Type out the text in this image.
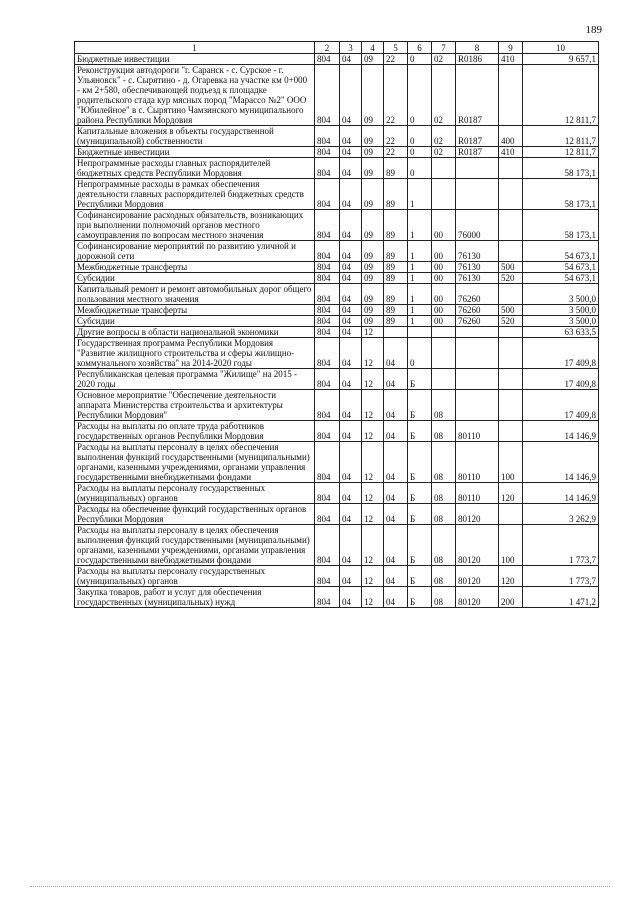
189
1	2	3	4	5	6	7	8	9	10
Бюджетные инвестиции	804	04	09	22	0	02	R0186	410	9 657,1
Реконструкция автодороги "г. Саранск - с. Сурское - г. Ульяновск" - с. Сырятино - д. Огаревка на участке км 0+000 - км 2+580, обеспечивающей подъезд к площадке родительского стада кур мясных пород "Марассо №2" ООО "Юбилейное" в с. Сырятино Чамзинского муниципального района Республики Мордовия	804	04	09	22	0	02	R0187		12 811,7
Капитальные вложения в объекты государственной (муниципальной) собственности	804	04	09	22	0	02	R0187	400	12 811,7
Бюджетные инвестиции	804	04	09	22	0	02	R0187	410	12 811,7
Непрограммные расходы главных распорядителей бюджетных средств Республики Мордовия	804	04	09	89	0				58 173,1
Непрограммные расходы в рамках обеспечения деятельности главных распорядителей бюджетных средств Республики Мордовия	804	04	09	89	1				58 173,1
Софинансирование расходных обязательств, возникающих при выполнении полномочий органов местного самоуправления по вопросам местного значения	804	04	09	89	1	00	76000		58 173,1
Софинансирование мероприятий по развитию уличной и дорожной сети	804	04	09	89	1	00	76130		54 673,1
Межбюджетные трансферты	804	04	09	89	1	00	76130	500	54 673,1
Субсидии	804	04	09	89	1	00	76130	520	54 673,1
Капитальный ремонт и ремонт автомобильных дорог общего пользования местного значения	804	04	09	89	1	00	76260		3 500,0
Межбюджетные трансферты	804	04	09	89	1	00	76260	500	3 500,0
Субсидии	804	04	09	89	1	00	76260	520	3 500,0
Другие вопросы в области национальной экономики	804	04	12						63 633,5
Государственная программа Республики Мордовия "Развитие жилищного строительства и сферы жилищно-коммунального хозяйства" на 2014-2020 годы	804	04	12	04	0				17 409,8
Республиканская целевая программа "Жилище" на 2015 - 2020 годы	804	04	12	04	Б				17 409,8
Основное мероприятие "Обеспечение деятельности аппарата Министерства строительства и архитектуры Республики Мордовия"	804	04	12	04	Б	08			17 409,8
Расходы на выплаты по оплате труда работников государственных органов Республики Мордовия	804	04	12	04	Б	08	80110		14 146,9
Расходы на выплаты персоналу в целях обеспечения выполнения функций государственными (муниципальными) органами, казенными учреждениями, органами управления государственными внебюджетными фондами	804	04	12	04	Б	08	80110	100	14 146,9
Расходы на выплаты персоналу государственных (муниципальных) органов	804	04	12	04	Б	08	80110	120	14 146,9
Расходы на обеспечение функций государственных органов Республики Мордовия	804	04	12	04	Б	08	80120		3 262,9
Расходы на выплаты персоналу в целях обеспечения выполнения функций государственными (муниципальными) органами, казенными учреждениями, органами управления государственными внебюджетными фондами	804	04	12	04	Б	08	80120	100	1 773,7
Расходы на выплаты персоналу государственных (муниципальных) органов	804	04	12	04	Б	08	80120	120	1 773,7
Закупка товаров, работ и услуг для обеспечения государственных (муниципальных) нужд	804	04	12	04	Б	08	80120	200	1 471,2
